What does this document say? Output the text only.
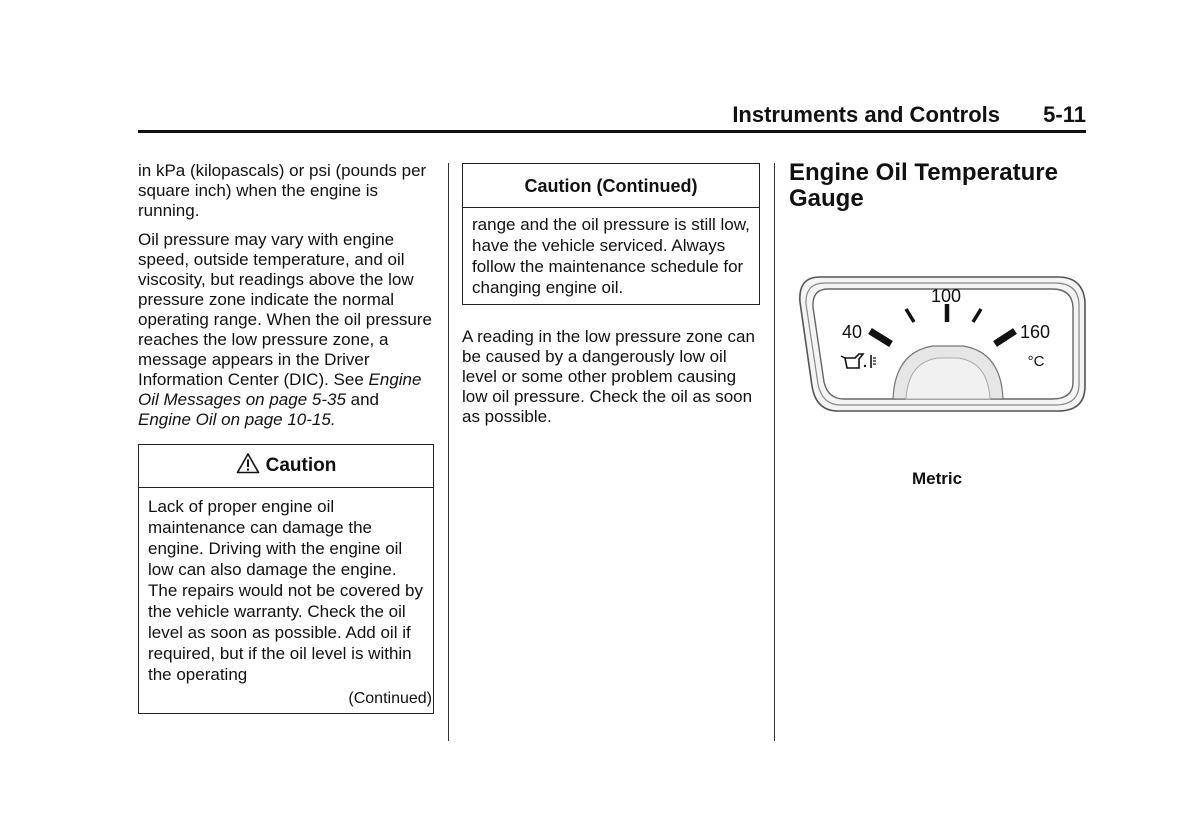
Instruments and Controls 5-11

in kPa (kilopascals) or psi (pounds per square inch) when the engine is running.

Oil pressure may vary with engine speed, outside temperature, and oil viscosity, but readings above the low pressure zone indicate the normal operating range. When the oil pressure reaches the low pressure zone, a message appears in the Driver Information Center (DIC). See Engine Oil Messages on page 5-35 and Engine Oil on page 10-15.

Caution
Lack of proper engine oil maintenance can damage the engine. Driving with the engine oil low can also damage the engine. The repairs would not be covered by the vehicle warranty. Check the oil level as soon as possible. Add oil if required, but if the oil level is within the operating
(Continued)
Caution (Continued)
range and the oil pressure is still low, have the vehicle serviced. Always follow the maintenance schedule for changing engine oil.

A reading in the low pressure zone can be caused by a dangerously low oil level or some other problem causing low oil pressure. Check the oil as soon as possible.

Engine Oil Temperature Gauge
100
40	160
°C
Metric
